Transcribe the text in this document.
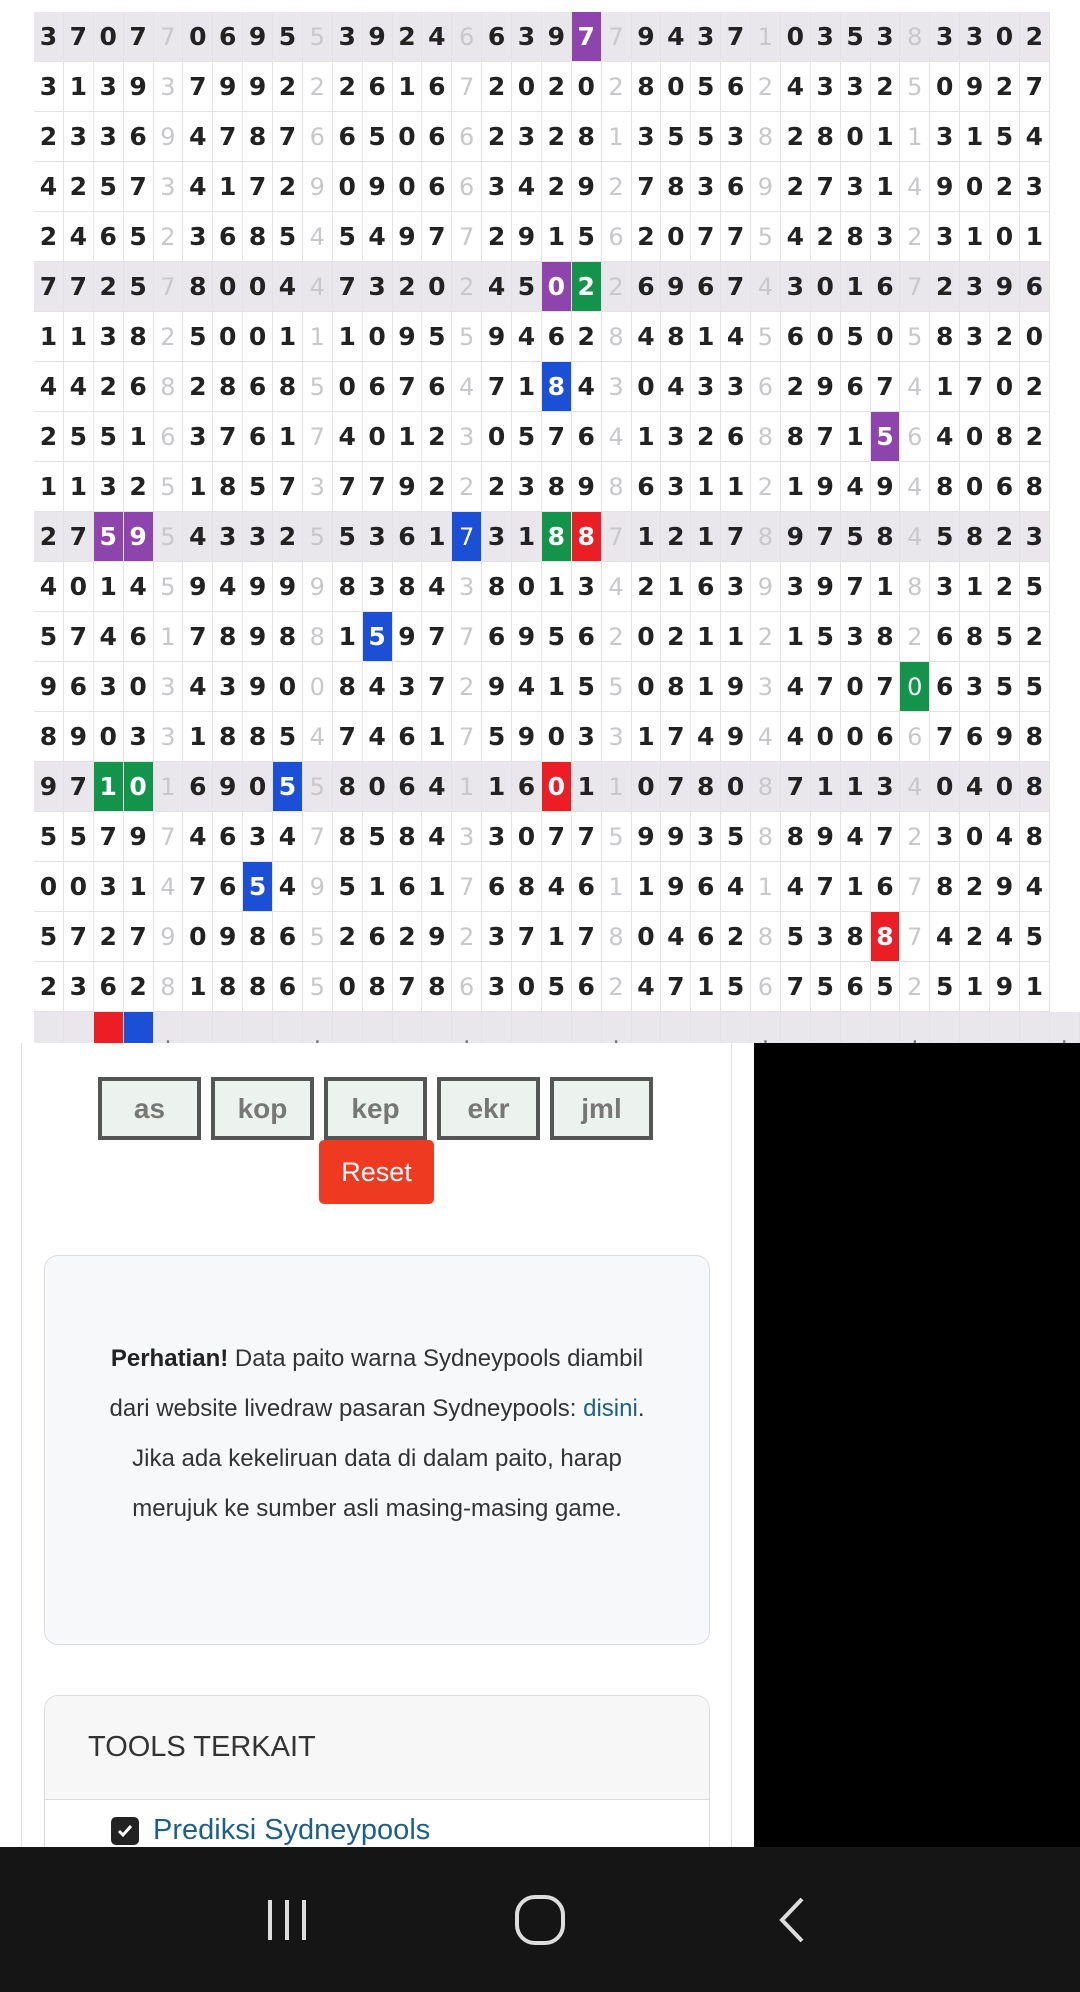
3 7 0 7 7 0 6 9 5 5 3 9 2 4 6 6 3 9 7 7 9 4 3 7 1 0 3 5 3 8 3 3 0 2
3 1 3 9 3 7 9 9 2 2 2 6 1 6 7 2 0 2 0 2 8 0 5 6 2 4 3 3 2 5 0 9 2 7
2 3 3 6 9 4 7 8 7 6 6 5 0 6 6 2 3 2 8 1 3 5 5 3 8 2 8 0 1 1 3 1 5 4
4 2 5 7 3 4 1 7 2 9 0 9 0 6 6 3 4 2 9 2 7 8 3 6 9 2 7 3 1 4 9 0 2 3
2 4 6 5 2 3 6 8 5 4 5 4 9 7 7 2 9 1 5 6 2 0 7 7 5 4 2 8 3 2 3 1 0 1
7 7 2 5 7 8 0 0 4 4 7 3 2 0 2 4 5 0 2 2 6 9 6 7 4 3 0 1 6 7 2 3 9 6
1 1 3 8 2 5 0 0 1 1 1 0 9 5 5 9 4 6 2 8 4 8 1 4 5 6 0 5 0 5 8 3 2 0
4 4 2 6 8 2 8 6 8 5 0 6 7 6 4 7 1 8 4 3 0 4 3 3 6 2 9 6 7 4 1 7 0 2
2 5 5 1 6 3 7 6 1 7 4 0 1 2 3 0 5 7 6 4 1 3 2 6 8 8 7 1 5 6 4 0 8 2
1 1 3 2 5 1 8 5 7 3 7 7 9 2 2 2 3 8 9 8 6 3 1 1 2 1 9 4 9 4 8 0 6 8
2 7 5 9 5 4 3 3 2 5 5 3 6 1 7 3 1 8 8 7 1 2 1 7 8 9 7 5 8 4 5 8 2 3
4 0 1 4 5 9 4 9 9 9 8 3 8 4 3 8 0 1 3 4 2 1 6 3 9 3 9 7 1 8 3 1 2 5
5 7 4 6 1 7 8 9 8 8 1 5 9 7 7 6 9 5 6 2 0 2 1 1 2 1 5 3 8 2 6 8 5 2
9 6 3 0 3 4 3 9 0 0 8 4 3 7 2 9 4 1 5 5 0 8 1 9 3 4 7 0 7 0 6 3 5 5
8 9 0 3 3 1 8 8 5 4 7 4 6 1 7 5 9 0 3 3 1 7 4 9 4 4 0 0 6 6 7 6 9 8
9 7 1 0 1 6 9 0 5 5 8 0 6 4 1 1 6 0 1 1 0 7 8 0 8 7 1 1 3 4 0 4 0 8
5 5 7 9 7 4 6 3 4 7 8 5 8 4 3 3 0 7 7 5 9 9 3 5 8 8 9 4 7 2 3 0 4 8
0 0 3 1 4 7 6 5 4 9 5 1 6 1 7 6 8 4 6 1 1 9 6 4 1 4 7 1 6 7 8 2 9 4
5 7 2 7 9 0 9 8 6 5 2 6 2 9 2 3 7 1 7 8 0 4 6 2 8 5 3 8 8 7 4 2 4 5
2 3 6 2 8 1 8 8 6 5 0 8 7 8 6 3 0 5 6 2 4 7 1 5 6 7 5 6 5 2 5 1 9 1
.	.	.	.	.	.	.
as	kop	kep	ekr	jml
Reset
Perhatian! Data paito warna Sydneypools diambil dari website livedraw pasaran Sydneypools: disini. Jika ada kekeliruan data di dalam paito, harap merujuk ke sumber asli masing-masing game.
TOOLS TERKAIT
Prediksi Sydneypools
